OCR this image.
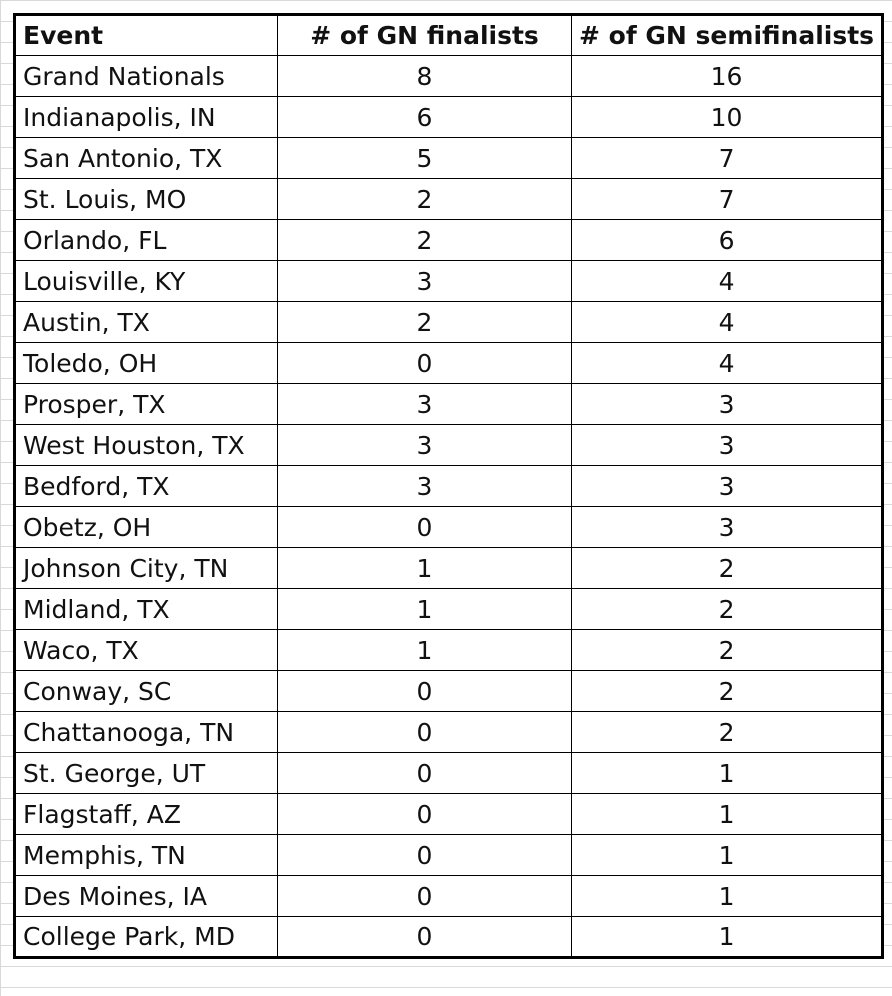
Event	# of GN finalists	# of GN semifinalists
Grand Nationals	8	16
Indianapolis, IN	6	10
San Antonio, TX	5	7
St. Louis, MO	2	7
Orlando, FL	2	6
Louisville, KY	3	4
Austin, TX	2	4
Toledo, OH	0	4
Prosper, TX	3	3
West Houston, TX	3	3
Bedford, TX	3	3
Obetz, OH	0	3
Johnson City, TN	1	2
Midland, TX	1	2
Waco, TX	1	2
Conway, SC	0	2
Chattanooga, TN	0	2
St. George, UT	0	1
Flagstaff, AZ	0	1
Memphis, TN	0	1
Des Moines, IA	0	1
College Park, MD	0	1
